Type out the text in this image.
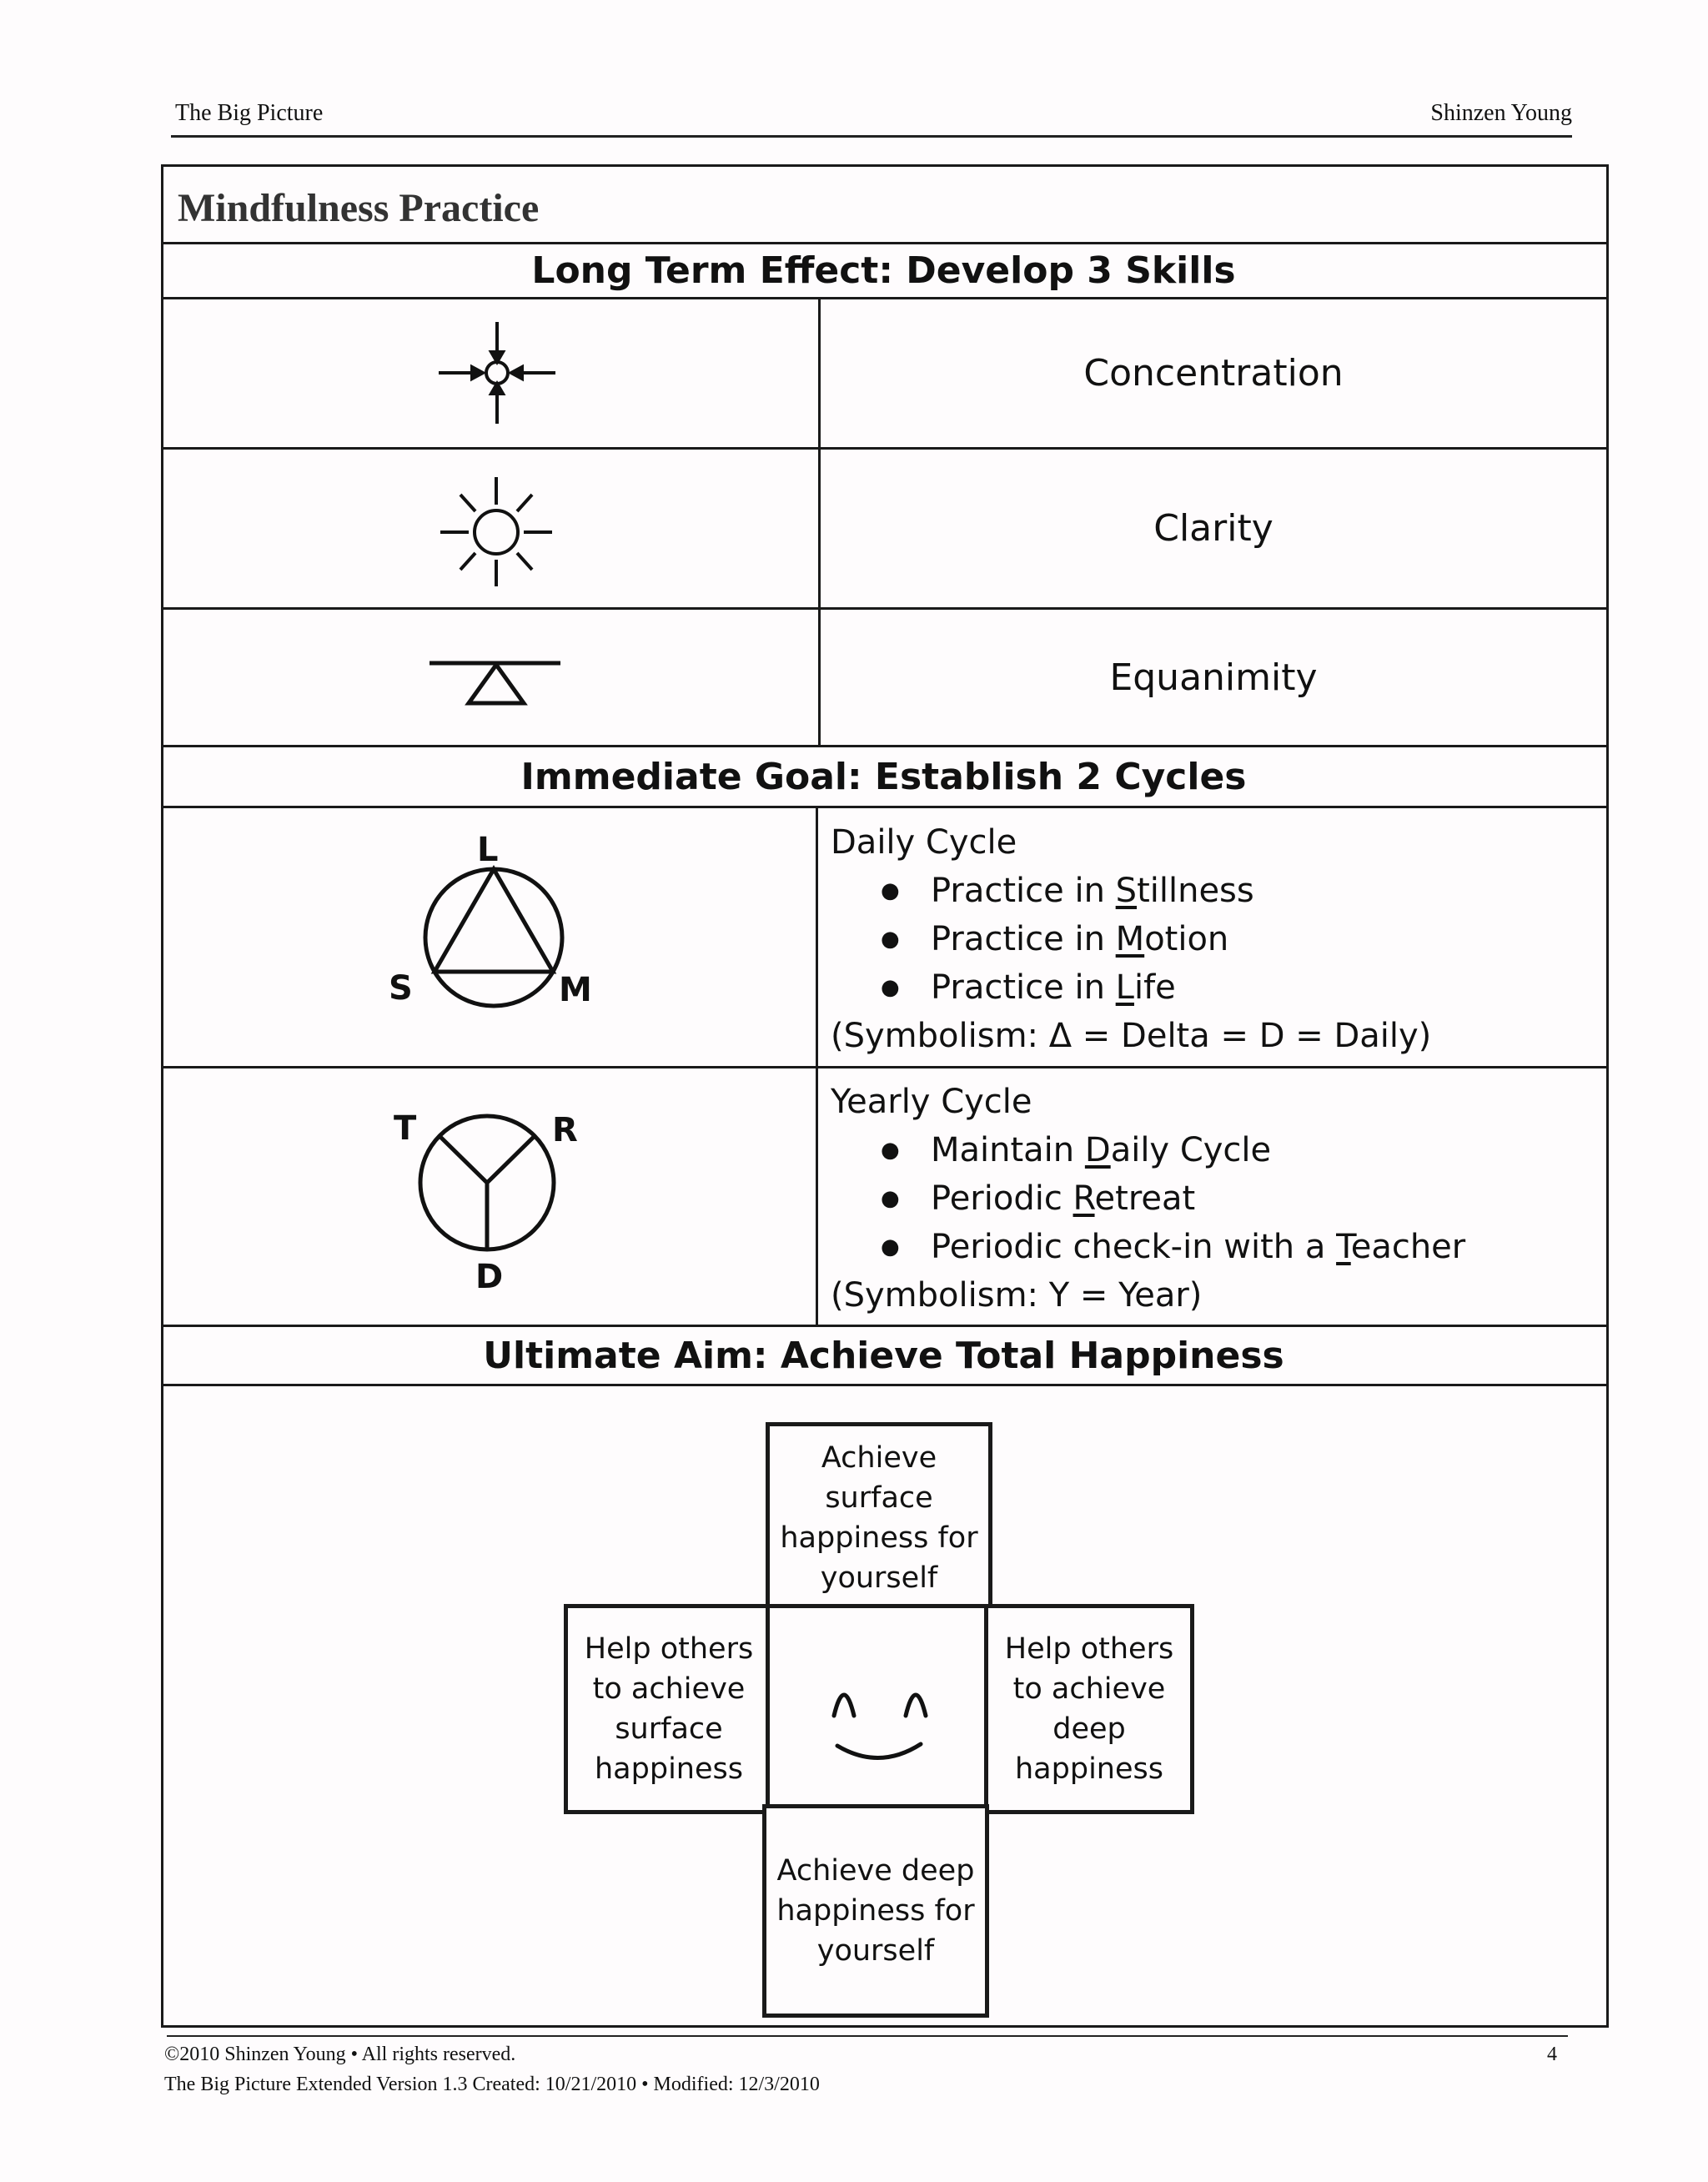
The Big Picture	Shinzen Young
Mindfulness Practice
Long Term Effect: Develop 3 Skills
Concentration
Clarity
Equanimity
Immediate Goal: Establish 2 Cycles
L
S	M
Daily Cycle
● Practice in Stillness
● Practice in Motion
● Practice in Life
(Symbolism: Δ = Delta = D = Daily)
T	R
D
Yearly Cycle
● Maintain Daily Cycle
● Periodic Retreat
● Periodic check-in with a Teacher
(Symbolism: Y = Year)
Ultimate Aim: Achieve Total Happiness
Achieve surface happiness for yourself
Help others to achieve surface happiness
Help others to achieve deep happiness
Achieve deep happiness for yourself
©2010 Shinzen Young • All rights reserved.	4
The Big Picture Extended Version 1.3 Created: 10/21/2010 • Modified: 12/3/2010
